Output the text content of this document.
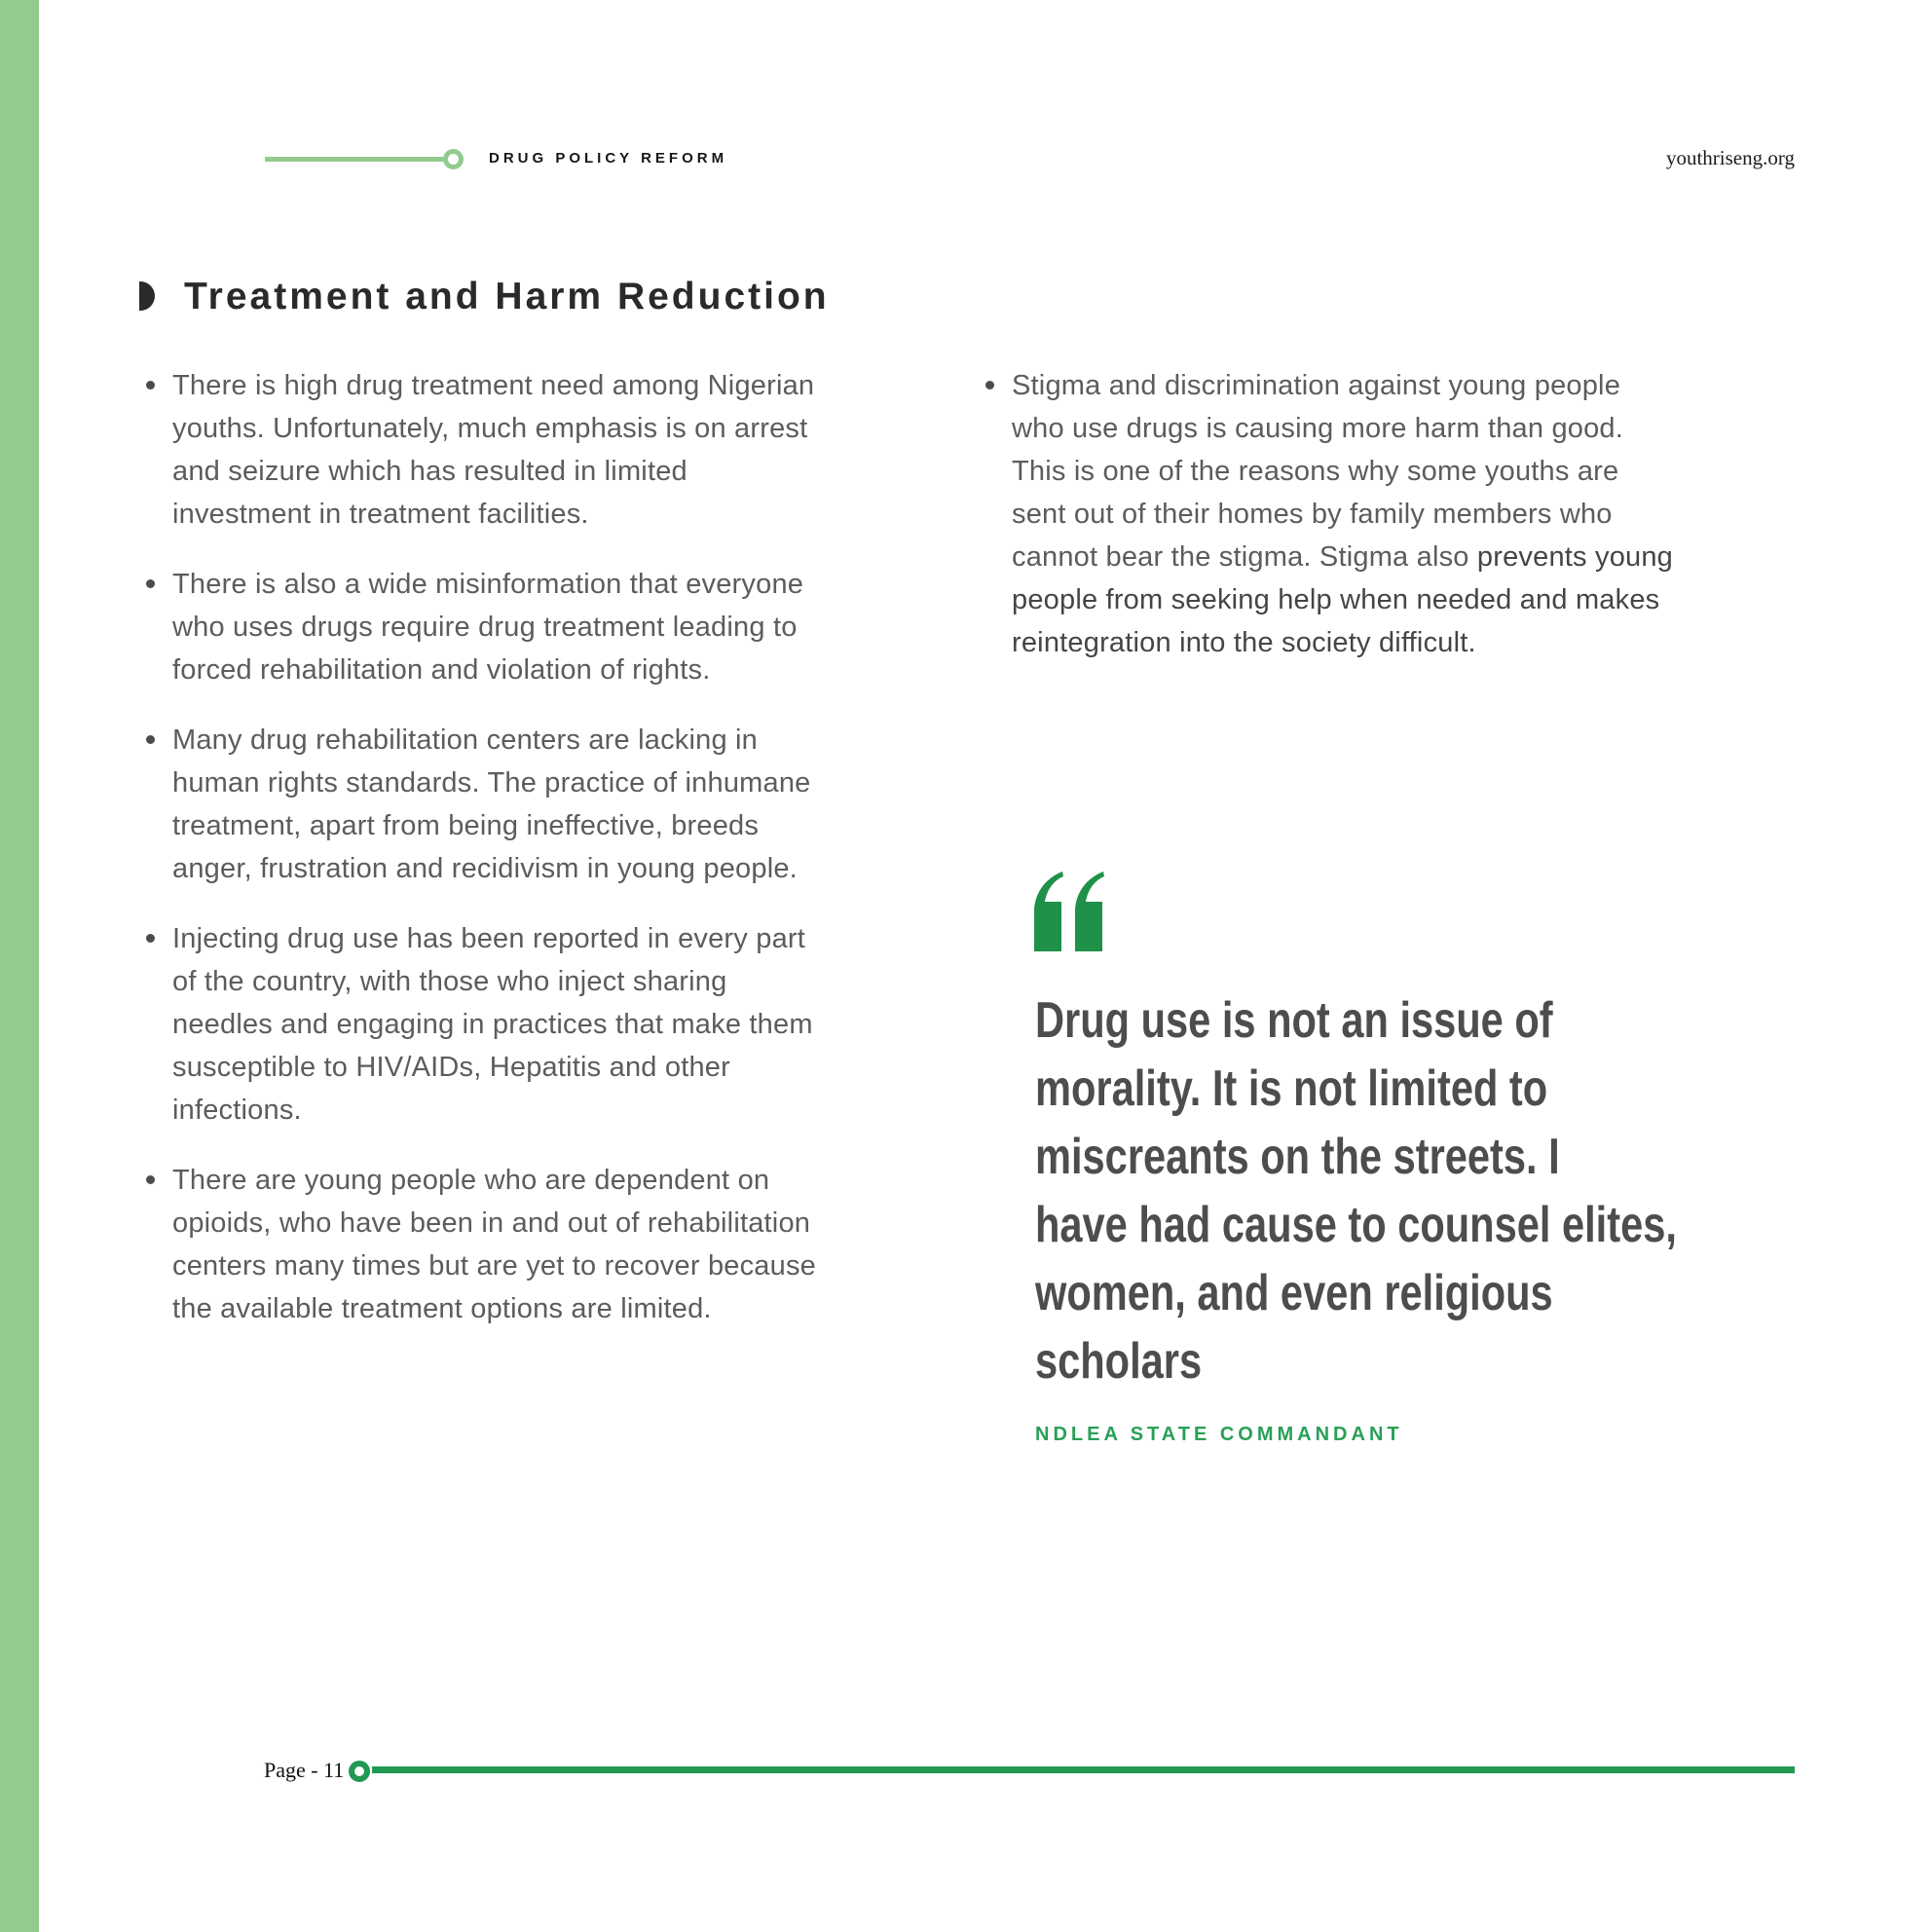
DRUG POLICY REFORM	youthriseng.org
Treatment and Harm Reduction

There is high drug treatment need among Nigerian youths. Unfortunately, much emphasis is on arrest and seizure which has resulted in limited investment in treatment facilities.

There is also a wide misinformation that everyone who uses drugs require drug treatment leading to forced rehabilitation and violation of rights.

Many drug rehabilitation centers are lacking in human rights standards. The practice of inhumane treatment, apart from being ineffective, breeds anger, frustration and recidivism in young people.

Injecting drug use has been reported in every part of the country, with those who inject sharing needles and engaging in practices that make them susceptible to HIV/AIDs, Hepatitis and other infections.

There are young people who are dependent on opioids, who have been in and out of rehabilitation centers many times but are yet to recover because the available treatment options are limited.

Stigma and discrimination against young people who use drugs is causing more harm than good. This is one of the reasons why some youths are sent out of their homes by family members who cannot bear the stigma. Stigma also prevents young people from seeking help when needed and makes reintegration into the society difficult.

Drug use is not an issue of
morality. It is not limited to
miscreants on the streets. I
have had cause to counsel elites,
women, and even religious
scholars
NDLEA STATE COMMANDANT
Page - 11
